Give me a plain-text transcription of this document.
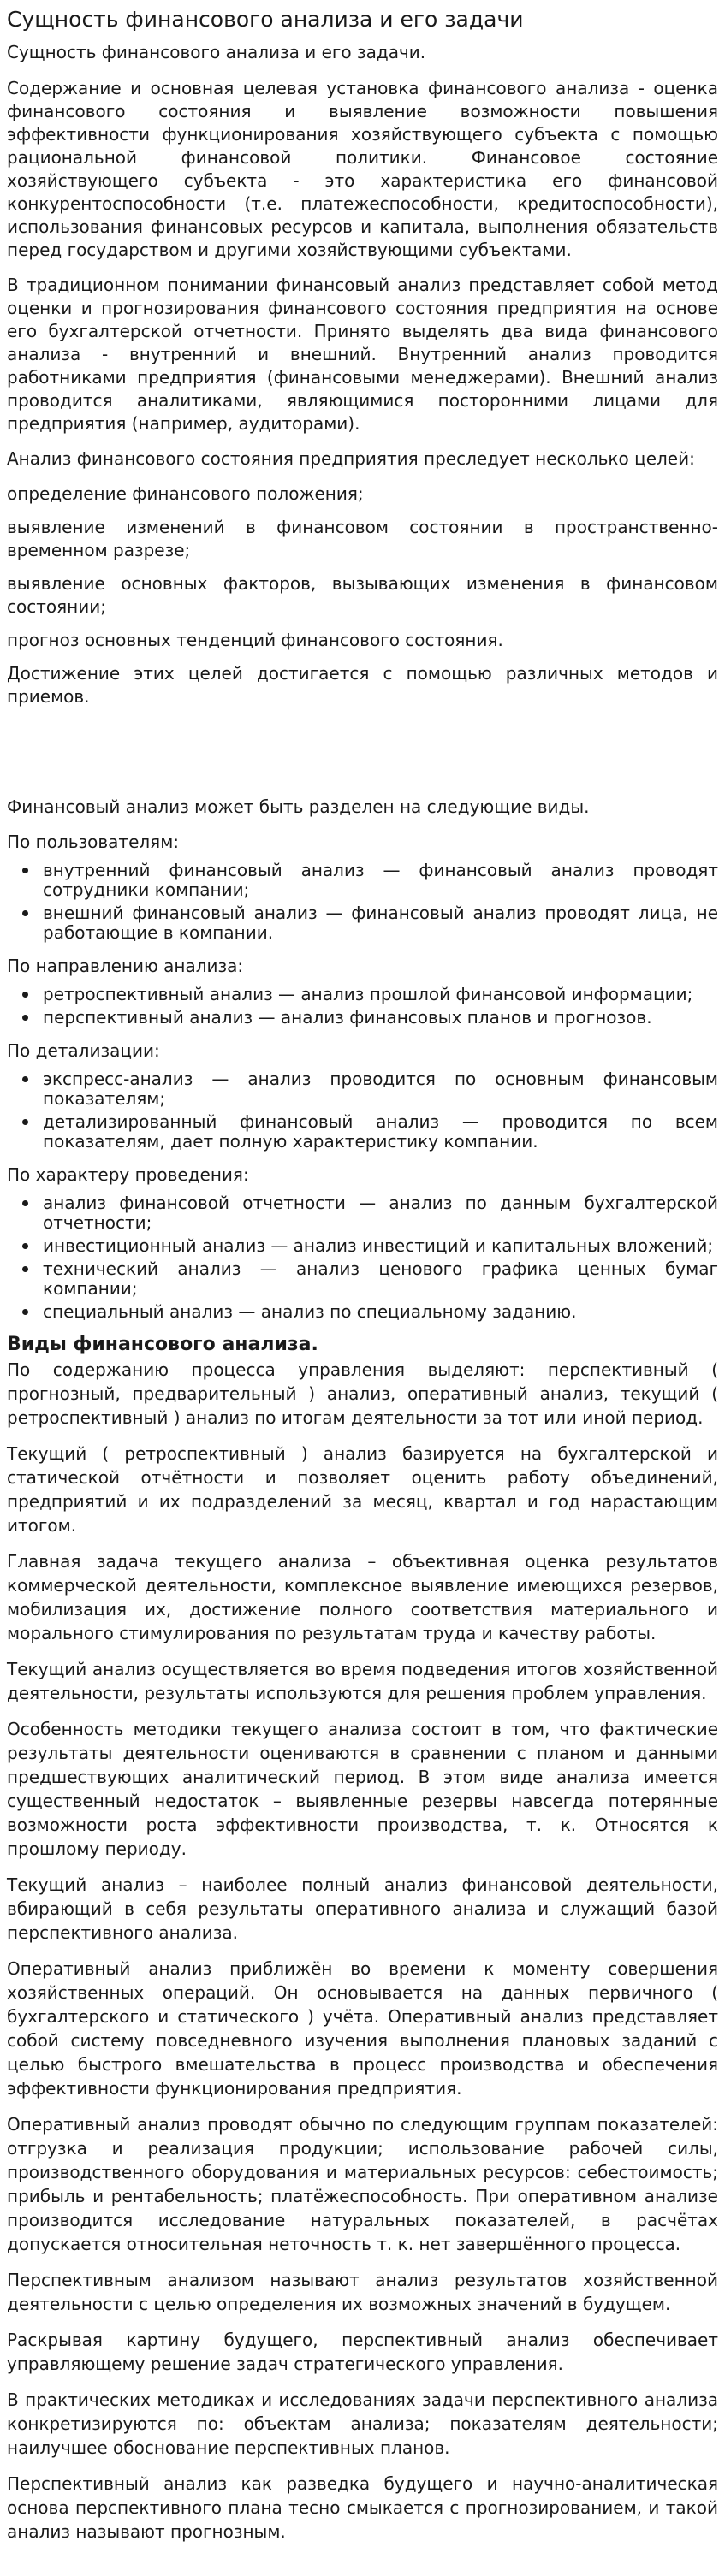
Сущность финансового анализа и его задачи
Сущность финансового анализа и его задачи.

Содержание и основная целевая установка финансового анализа - оценка финансового состояния и выявление возможности повышения эффективности функционирования хозяйствующего субъекта с помощью рациональной финансовой политики. Финансовое состояние хозяйствующего субъекта - это характеристика его финансовой конкурентоспособности (т.е. платежеспособности, кредитоспособности), использования финансовых ресурсов и капитала, выполнения обязательств перед государством и другими хозяйствующими субъектами.

В традиционном понимании финансовый анализ представляет собой метод оценки и прогнозирования финансового состояния предприятия на основе его бухгалтерской отчетности. Принято выделять два вида финансового анализа - внутренний и внешний. Внутренний анализ проводится работниками предприятия (финансовыми менеджерами). Внешний анализ проводится аналитиками, являющимися посторонними лицами для предприятия (например, аудиторами).

Анализ финансового состояния предприятия преследует несколько целей:

определение финансового положения;

выявление изменений в финансовом состоянии в пространственно-временном разрезе;

выявление основных факторов, вызывающих изменения в финансовом состоянии;

прогноз основных тенденций финансового состояния.

Достижение этих целей достигается с помощью различных методов и приемов.

Финансовый анализ может быть разделен на следующие виды.

По пользователям:
внутренний финансовый анализ — финансовый анализ проводят сотрудники компании;
внешний финансовый анализ — финансовый анализ проводят лица, не работающие в компании.
По направлению анализа:
ретроспективный анализ — анализ прошлой финансовой информации;
перспективный анализ — анализ финансовых планов и прогнозов.
По детализации:
экспресс-анализ — анализ проводится по основным финансовым показателям;
детализированный финансовый анализ — проводится по всем показателям, дает полную характеристику компании.
По характеру проведения:
анализ финансовой отчетности — анализ по данным бухгалтерской отчетности;
инвестиционный анализ — анализ инвестиций и капитальных вложений;
технический анализ — анализ ценового графика ценных бумаг компании;
специальный анализ — анализ по специальному заданию.
Виды финансового анализа.

По содержанию процесса управления выделяют: перспективный ( прогнозный, предварительный ) анализ, оперативный анализ, текущий ( ретроспективный ) анализ по итогам деятельности за тот или иной период.

Текущий ( ретроспективный ) анализ базируется на бухгалтерской и статической отчётности и позволяет оценить работу объединений, предприятий и их подразделений за месяц, квартал и год нарастающим итогом.

Главная задача текущего анализа – объективная оценка результатов коммерческой деятельности, комплексное выявление имеющихся резервов, мобилизация их, достижение полного соответствия материального и морального стимулирования по результатам труда и качеству работы.

Текущий анализ осуществляется во время подведения итогов хозяйственной деятельности, результаты используются для решения проблем управления.

Особенность методики текущего анализа состоит в том, что фактические результаты деятельности оцениваются в сравнении с планом и данными предшествующих аналитический период. В этом виде анализа имеется существенный недостаток – выявленные резервы навсегда потерянные возможности роста эффективности производства, т. к. Относятся к прошлому периоду.

Текущий анализ – наиболее полный анализ финансовой деятельности, вбирающий в себя результаты оперативного анализа и служащий базой перспективного анализа.

Оперативный анализ приближён во времени к моменту совершения хозяйственных операций. Он основывается на данных первичного ( бухгалтерского и статического ) учёта. Оперативный анализ представляет собой систему повседневного изучения выполнения плановых заданий с целью быстрого вмешательства в процесс производства и обеспечения эффективности функционирования предприятия.

Оперативный анализ проводят обычно по следующим группам показателей: отгрузка и реализация продукции; использование рабочей силы, производственного оборудования и материальных ресурсов: себестоимость; прибыль и рентабельность; платёжеспособность. При оперативном анализе производится исследование натуральных показателей, в расчётах допускается относительная неточность т. к. нет завершённого процесса.

Перспективным анализом называют анализ результатов хозяйственной деятельности с целью определения их возможных значений в будущем.

Раскрывая картину будущего, перспективный анализ обеспечивает управляющему решение задач стратегического управления.

В практических методиках и исследованиях задачи перспективного анализа конкретизируются по: объектам анализа; показателям деятельности; наилучшее обоснование перспективных планов.

Перспективный анализ как разведка будущего и научно-аналитическая основа перспективного плана тесно смыкается с прогнозированием, и такой анализ называют прогнозным.
